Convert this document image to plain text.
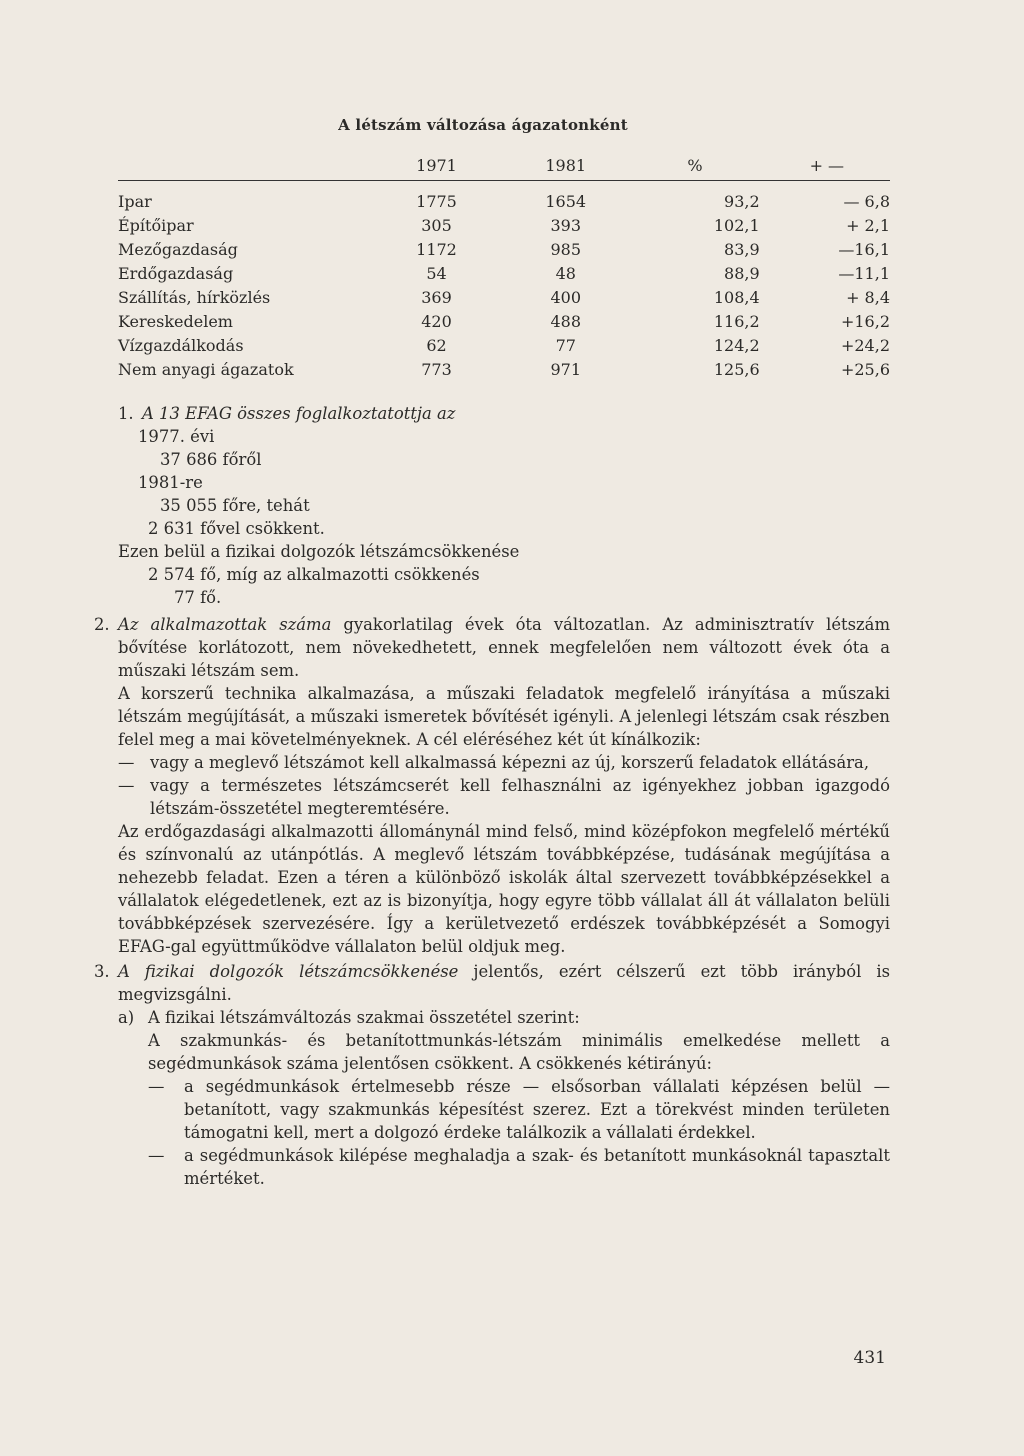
A létszám változása ágazatonként
	1971	1981	%	+ —
Ipar	1775	1654	93,2	— 6,8
Építőipar	305	393	102,1	+ 2,1
Mezőgazdaság	1172	985	83,9	—16,1
Erdőgazdaság	54	48	88,9	—11,1
Szállítás, hírközlés	369	400	108,4	+ 8,4
Kereskedelem	420	488	116,2	+16,2
Vízgazdálkodás	62	77	124,2	+24,2
Nem anyagi ágazatok	773	971	125,6	+25,6
1. A 13 EFAG összes foglalkoztatottja az

1977. évi

37 686 főről

1981-re

35 055 főre, tehát

2 631 fővel csökkent.

Ezen belül a fizikai dolgozók létszámcsökkenése

2 574 fő, míg az alkalmazotti csökkenés

77 fő.

2. Az alkalmazottak száma gyakorlatilag évek óta változatlan. Az adminisztratív létszám bővítése korlátozott, nem növekedhetett, ennek megfelelően nem változott évek óta a műszaki létszám sem.

A korszerű technika alkalmazása, a műszaki feladatok megfelelő irányítása a műszaki létszám megújítását, a műszaki ismeretek bővítését igényli. A jelenlegi létszám csak részben felel meg a mai követelményeknek. A cél eléréséhez két út kínálkozik:

— vagy a meglevő létszámot kell alkalmassá képezni az új, korszerű feladatok ellátására,
— vagy a természetes létszámcserét kell felhasználni az igényekhez jobban igazgodó létszám-összetétel megteremtésére.

Az erdőgazdasági alkalmazotti állománynál mind felső, mind középfokon megfelelő mértékű és színvonalú az utánpótlás. A meglevő létszám továbbképzése, tudásának megújítása a nehezebb feladat. Ezen a téren a különböző iskolák által szervezett továbbképzésekkel a vállalatok elégedetlenek, ezt az is bizonyítja, hogy egyre több vállalat áll át vállalaton belüli továbbképzések szervezésére. Így a kerületvezető erdészek továbbképzését a Somogyi EFAG-gal együttműködve vállalaton belül oldjuk meg.

3. A fizikai dolgozók létszámcsökkenése jelentős, ezért célszerű ezt több irányból is megvizsgálni.
a) A fizikai létszámváltozás szakmai összetétel szerint:

A szakmunkás- és betanítottmunkás-létszám minimális emelkedése mellett a segédmunkások száma jelentősen csökkent. A csökkenés kétirányú:

—	a segédmunkások értelmesebb része — elsősorban vállalati képzésen belül — betanított, vagy szakmunkás képesítést szerez. Ezt a törekvést minden területen támogatni kell, mert a dolgozó érdeke találkozik a vállalati érdekkel.
—	a segédmunkások kilépése meghaladja a szak- és betanított munkásoknál tapasztalt mértéket.
431
